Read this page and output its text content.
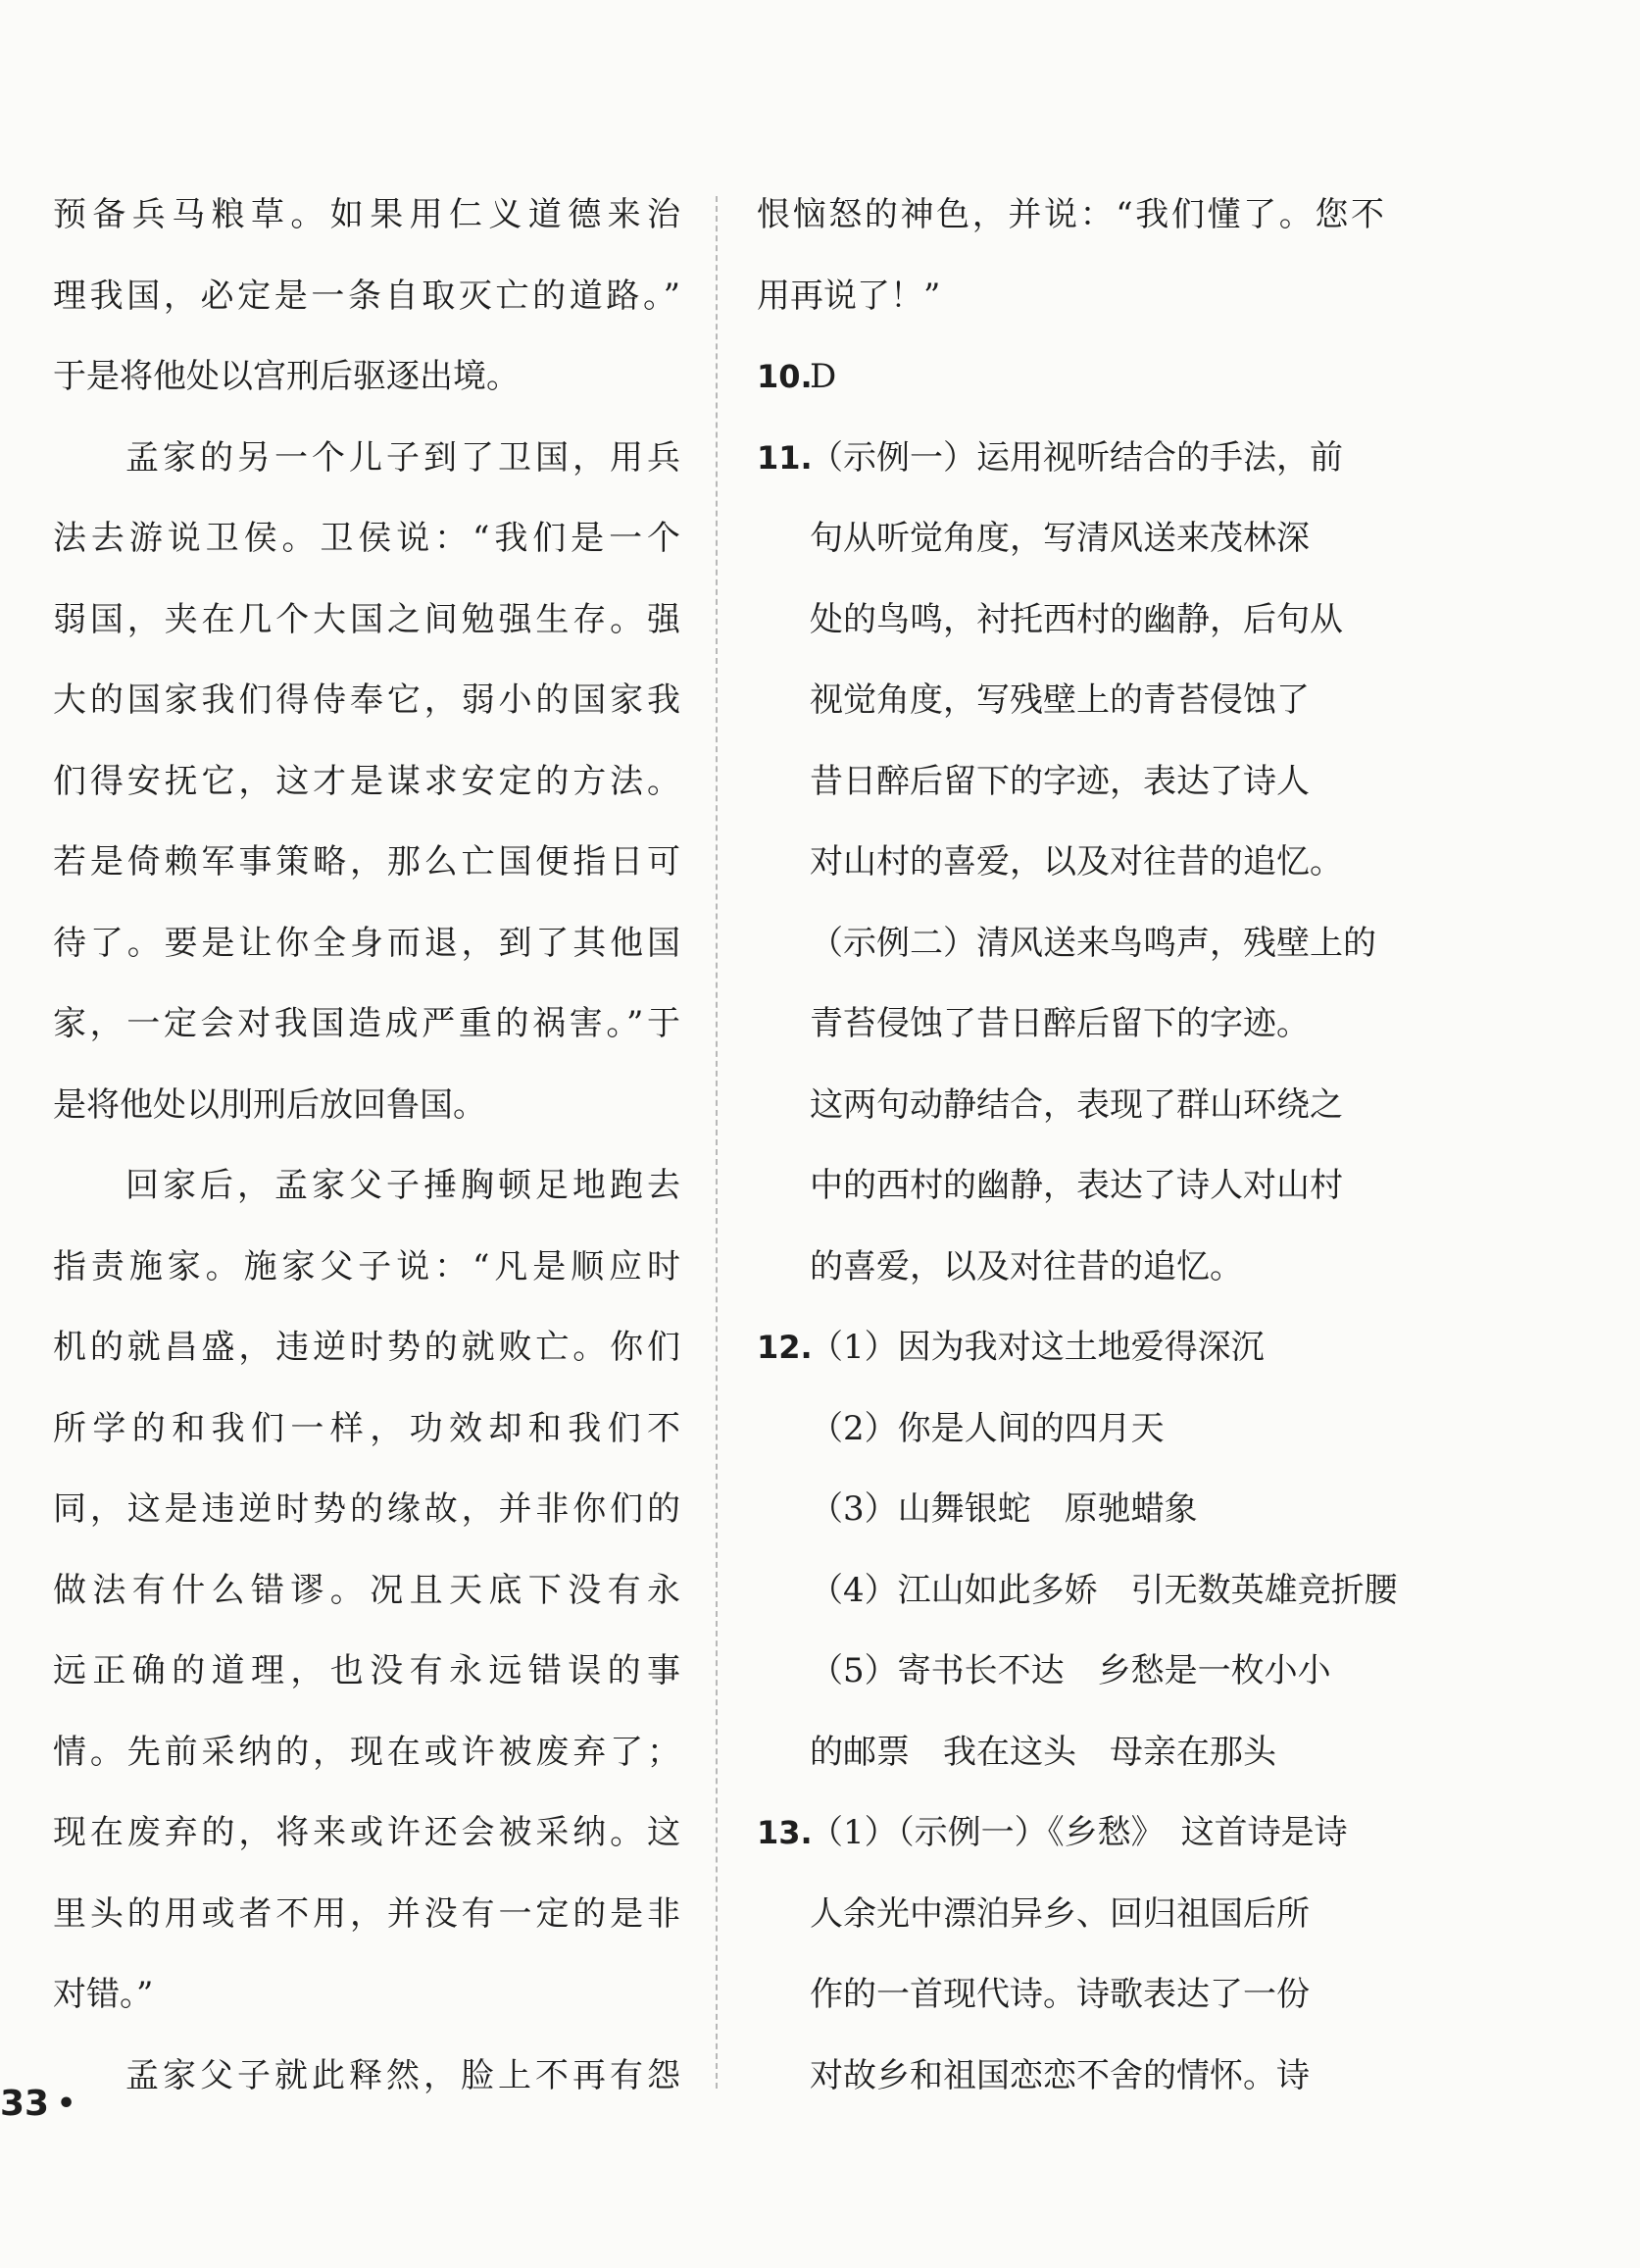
预备兵马粮草。如果用仁义道德来治
理我国，必定是一条自取灭亡的道路。”
于是将他处以宫刑后驱逐出境。
孟家的另一个儿子到了卫国，用兵
法去游说卫侯。卫侯说：“我们是一个
弱国，夹在几个大国之间勉强生存。强
大的国家我们得侍奉它，弱小的国家我
们得安抚它，这才是谋求安定的方法。
若是倚赖军事策略，那么亡国便指日可
待了。要是让你全身而退，到了其他国
家，一定会对我国造成严重的祸害。”于
是将他处以刖刑后放回鲁国。
回家后，孟家父子捶胸顿足地跑去
指责施家。施家父子说：“凡是顺应时
机的就昌盛，违逆时势的就败亡。你们
所学的和我们一样，功效却和我们不
同，这是违逆时势的缘故，并非你们的
做法有什么错谬。况且天底下没有永
远正确的道理，也没有永远错误的事
情。先前采纳的，现在或许被废弃了；
现在废弃的，将来或许还会被采纳。这
里头的用或者不用，并没有一定的是非
对错。”
孟家父子就此释然，脸上不再有怨
恨恼怒的神色，并说：“我们懂了。您不
用再说了！”
10.D
11.（示例一）运用视听结合的手法，前
句从听觉角度，写清风送来茂林深
处的鸟鸣，衬托西村的幽静，后句从
视觉角度，写残壁上的青苔侵蚀了
昔日醉后留下的字迹，表达了诗人
对山村的喜爱，以及对往昔的追忆。
（示例二）清风送来鸟鸣声，残壁上的
青苔侵蚀了昔日醉后留下的字迹。
这两句动静结合，表现了群山环绕之
中的西村的幽静，表达了诗人对山村
的喜爱，以及对往昔的追忆。
12.（1）因为我对这土地爱得深沉
（2）你是人间的四月天
（3）山舞银蛇　原驰蜡象
（4）江山如此多娇　引无数英雄竞折腰
（5）寄书长不达　乡愁是一枚小小
的邮票　我在这头　母亲在那头
13.（1）（示例一）《乡愁》　这首诗是诗
人余光中漂泊异乡、回归祖国后所
作的一首现代诗。诗歌表达了一份
对故乡和祖国恋恋不舍的情怀。诗
33 •
